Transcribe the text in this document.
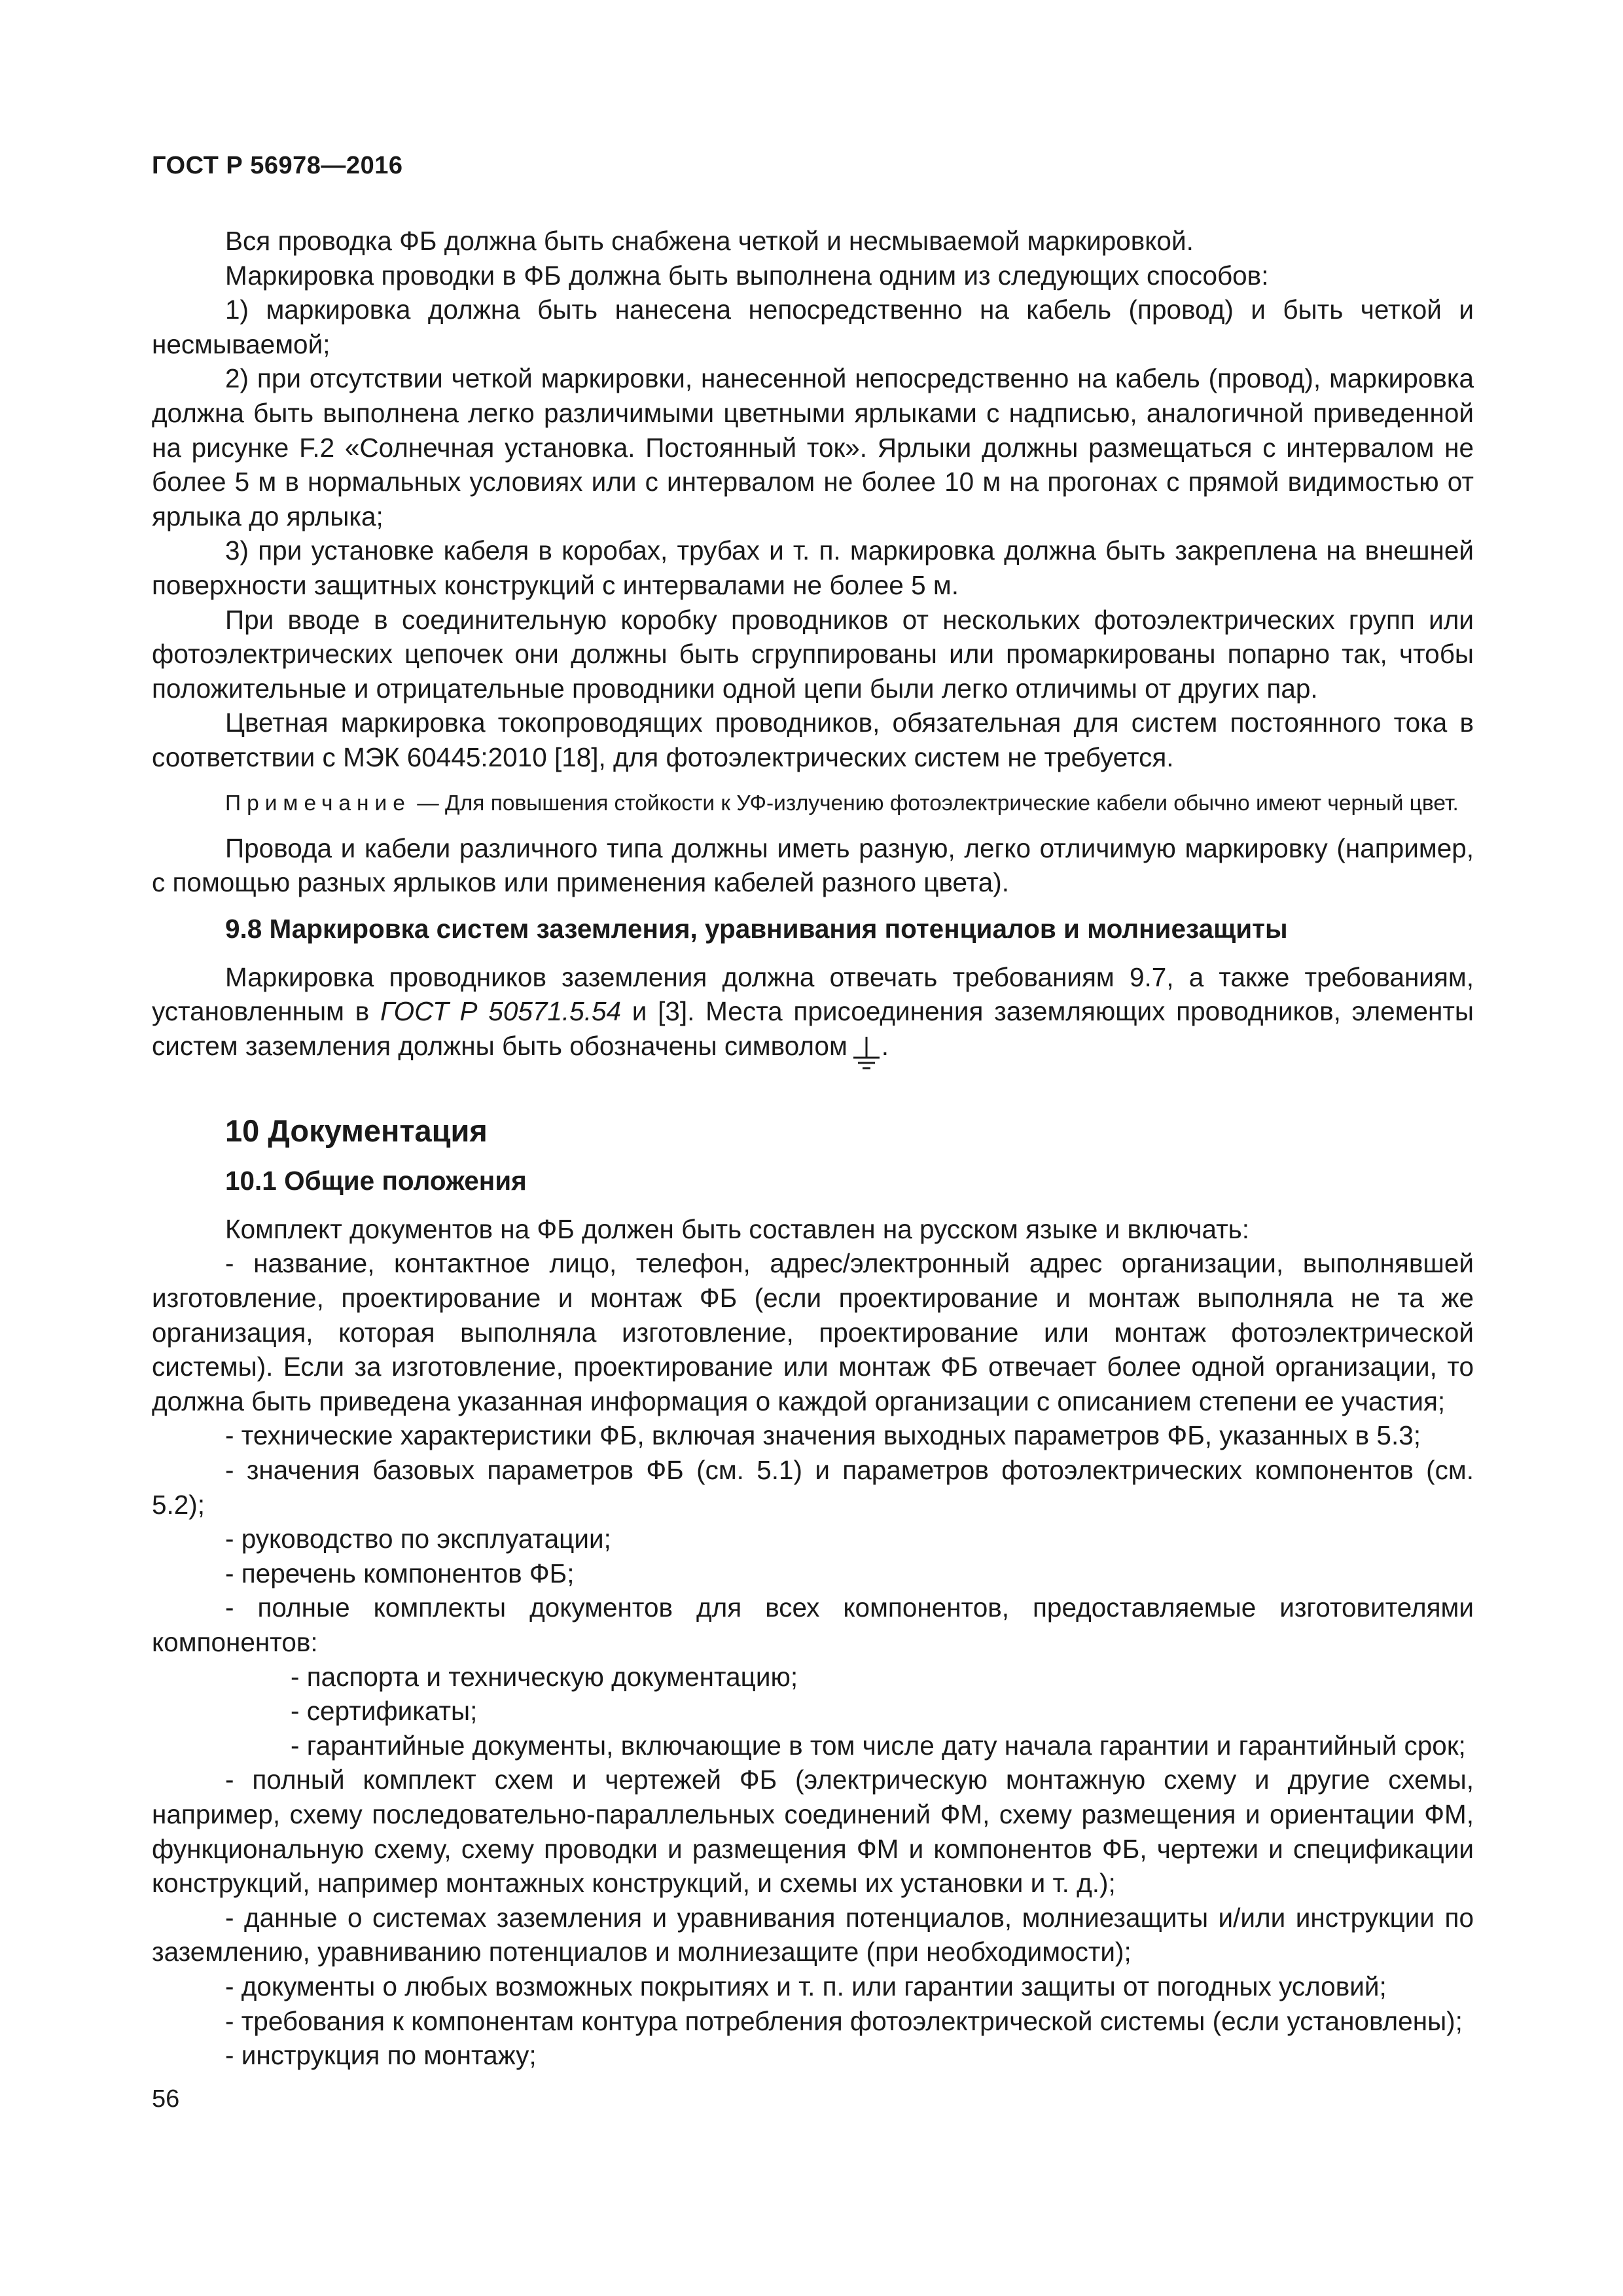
ГОСТ Р 56978—2016

Вся проводка ФБ должна быть снабжена четкой и несмываемой маркировкой.

Маркировка проводки в ФБ должна быть выполнена одним из следующих способов:

1) маркировка должна быть нанесена непосредственно на кабель (провод) и быть четкой и несмываемой;

2) при отсутствии четкой маркировки, нанесенной непосредственно на кабель (провод), маркировка должна быть выполнена легко различимыми цветными ярлыками с надписью, аналогичной приведенной на рисунке F.2 «Солнечная установка. Постоянный ток». Ярлыки должны размещаться с интервалом не более 5 м в нормальных условиях или с интервалом не более 10 м на прогонах с прямой видимостью от ярлыка до ярлыка;

3) при установке кабеля в коробах, трубах и т. п. маркировка должна быть закреплена на внешней поверхности защитных конструкций с интервалами не более 5 м.

При вводе в соединительную коробку проводников от нескольких фотоэлектрических групп или фотоэлектрических цепочек они должны быть сгруппированы или промаркированы попарно так, чтобы положительные и отрицательные проводники одной цепи были легко отличимы от других пар.

Цветная маркировка токопроводящих проводников, обязательная для систем постоянного тока в соответствии с МЭК 60445:2010 [18], для фотоэлектрических систем не требуется.

Примечание — Для повышения стойкости к УФ-излучению фотоэлектрические кабели обычно имеют черный цвет.

Провода и кабели различного типа должны иметь разную, легко отличимую маркировку (например, с помощью разных ярлыков или применения кабелей разного цвета).

9.8 Маркировка систем заземления, уравнивания потенциалов и молниезащиты

Маркировка проводников заземления должна отвечать требованиям 9.7, а также требованиям, установленным в ГОСТ Р 50571.5.54 и [3]. Места присоединения заземляющих проводников, элементы систем заземления должны быть обозначены символом .

10 Документация
10.1 Общие положения

Комплект документов на ФБ должен быть составлен на русском языке и включать:

- название, контактное лицо, телефон, адрес/электронный адрес организации, выполнявшей изготовление, проектирование и монтаж ФБ (если проектирование и монтаж выполняла не та же организация, которая выполняла изготовление, проектирование или монтаж фотоэлектрической системы). Если за изготовление, проектирование или монтаж ФБ отвечает более одной организации, то должна быть приведена указанная информация о каждой организации с описанием степени ее участия;

- технические характеристики ФБ, включая значения выходных параметров ФБ, указанных в 5.3;

- значения базовых параметров ФБ (см. 5.1) и параметров фотоэлектрических компонентов (см. 5.2);

- руководство по эксплуатации;

- перечень компонентов ФБ;

- полные комплекты документов для всех компонентов, предоставляемые изготовителями компонентов:

- паспорта и техническую документацию;

- сертификаты;

- гарантийные документы, включающие в том числе дату начала гарантии и гарантийный срок;

- полный комплект схем и чертежей ФБ (электрическую монтажную схему и другие схемы, например, схему последовательно-параллельных соединений ФМ, схему размещения и ориентации ФМ, функциональную схему, схему проводки и размещения ФМ и компонентов ФБ, чертежи и спецификации конструкций, например монтажных конструкций, и схемы их установки и т. д.);

- данные о системах заземления и уравнивания потенциалов, молниезащиты и/или инструкции по заземлению, уравниванию потенциалов и молниезащите (при необходимости);

- документы о любых возможных покрытиях и т. п. или гарантии защиты от погодных условий;

- требования к компонентам контура потребления фотоэлектрической системы (если установлены);

- инструкция по монтажу;

56
